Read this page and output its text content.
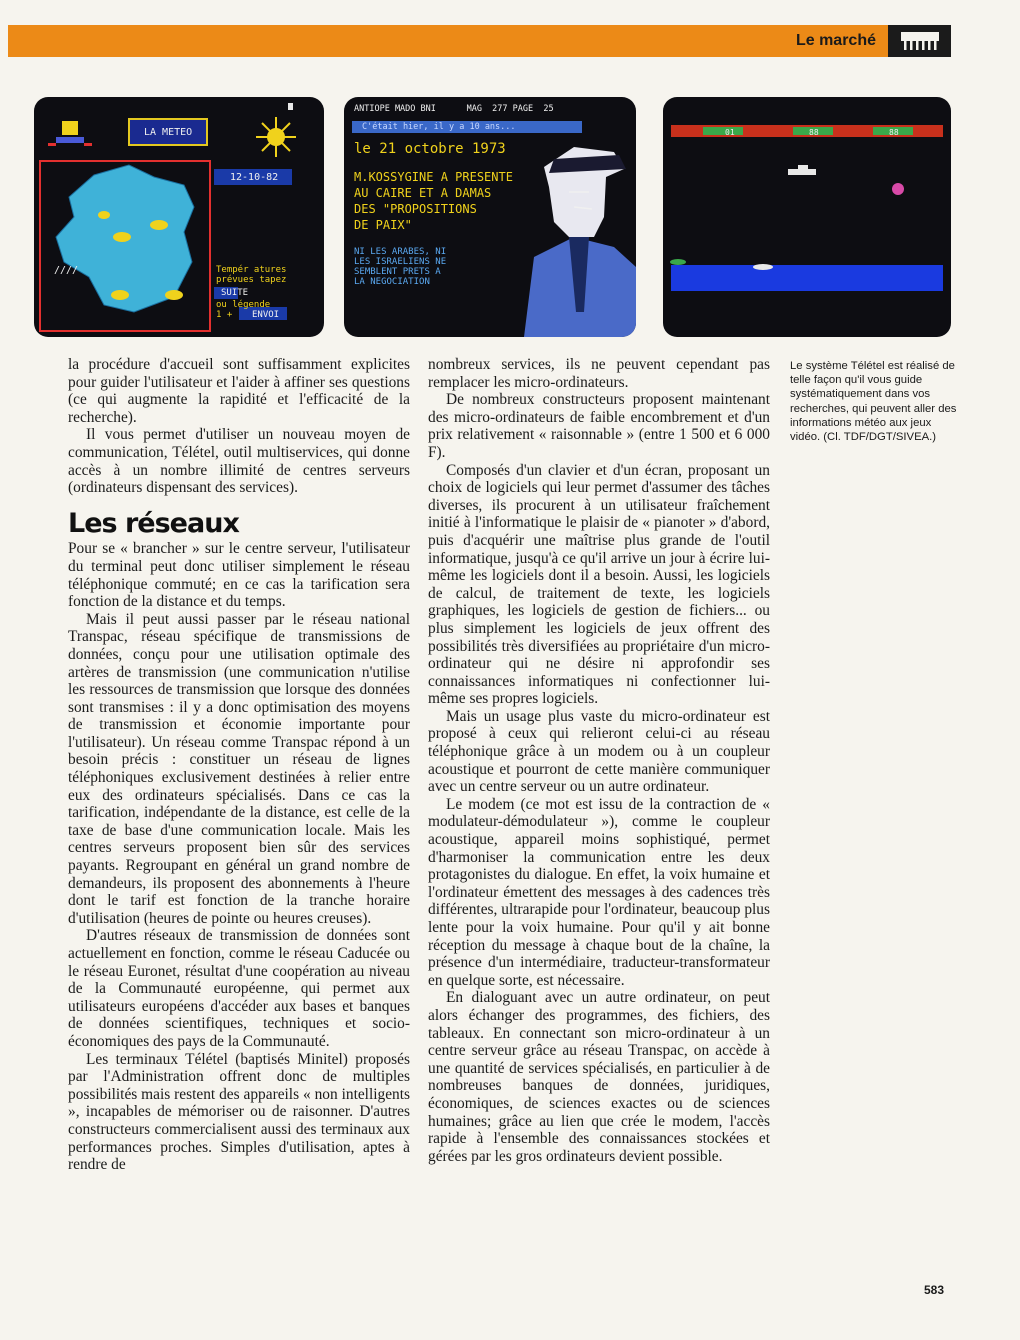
Le marché
LA METEO
12-10-82
Tempér atures
prévues tapez
SUITE
ou légende
1 +	ENVOI
////
ANTIOPE MADO BNI      MAG  277 PAGE  25
C'était hier, il y a 10 ans...
le 21 octobre 1973
M.KOSSYGINE A PRESENTE
AU CAIRE ET A DAMAS
DES "PROPOSITIONS
DE PAIX"
NI LES ARABES, NI
LES ISRAELIENS NE
SEMBLENT PRETS A
LA NEGOCIATION
01	88	88

la procédure d'accueil sont suffisamment explicites pour guider l'utilisateur et l'aider à affiner ses questions (ce qui augmente la rapidité et l'efficacité de la recherche).

Il vous permet d'utiliser un nouveau moyen de communication, Télétel, outil multiservices, qui donne accès à un nombre illimité de centres serveurs (ordinateurs dispensant des services).

Les réseaux

Pour se « brancher » sur le centre serveur, l'utilisateur du terminal peut donc utiliser simplement le réseau téléphonique commuté; en ce cas la tarification sera fonction de la distance et du temps.

Mais il peut aussi passer par le réseau national Transpac, réseau spécifique de transmissions de données, conçu pour une utilisation optimale des artères de transmission (une communication n'utilise les ressources de transmission que lorsque des données sont transmises : il y a donc optimisation des moyens de transmission et économie importante pour l'utilisateur). Un réseau comme Transpac répond à un besoin précis : constituer un réseau de lignes téléphoniques exclusivement destinées à relier entre eux des ordinateurs spécialisés. Dans ce cas la tarification, indépendante de la distance, est celle de la taxe de base d'une communication locale. Mais les centres serveurs proposent bien sûr des services payants. Regroupant en général un grand nombre de demandeurs, ils proposent des abonnements à l'heure dont le tarif est fonction de la tranche horaire d'utilisation (heures de pointe ou heures creuses).

D'autres réseaux de transmission de données sont actuellement en fonction, comme le réseau Caducée ou le réseau Euronet, résultat d'une coopération au niveau de la Communauté européenne, qui permet aux utilisateurs européens d'accéder aux bases et banques de données scientifiques, techniques et socio-économiques des pays de la Communauté.

Les terminaux Télétel (baptisés Minitel) proposés par l'Administration offrent donc de multiples possibilités mais restent des appareils « non intelligents », incapables de mémoriser ou de raisonner. D'autres constructeurs commercialisent aussi des terminaux aux performances proches. Simples d'utilisation, aptes à rendre de

nombreux services, ils ne peuvent cependant pas remplacer les micro-ordinateurs.

De nombreux constructeurs proposent maintenant des micro-ordinateurs de faible encombrement et d'un prix relativement « raisonnable » (entre 1 500 et 6 000 F).

Composés d'un clavier et d'un écran, proposant un choix de logiciels qui leur permet d'assumer des tâches diverses, ils procurent à un utilisateur fraîchement initié à l'informatique le plaisir de « pianoter » d'abord, puis d'acquérir une maîtrise plus grande de l'outil informatique, jusqu'à ce qu'il arrive un jour à écrire lui-même les logiciels dont il a besoin. Aussi, les logiciels de calcul, de traitement de texte, les logiciels graphiques, les logiciels de gestion de fichiers... ou plus simplement les logiciels de jeux offrent des possibilités très diversifiées au propriétaire d'un micro-ordinateur qui ne désire ni approfondir ses connaissances informatiques ni confectionner lui-même ses propres logiciels.

Mais un usage plus vaste du micro-ordinateur est proposé à ceux qui relieront celui-ci au réseau téléphonique grâce à un modem ou à un coupleur acoustique et pourront de cette manière communiquer avec un centre serveur ou un autre ordinateur.

Le modem (ce mot est issu de la contraction de « modulateur-démodulateur »), comme le coupleur acoustique, appareil moins sophistiqué, permet d'harmoniser la communication entre les deux protagonistes du dialogue. En effet, la voix humaine et l'ordinateur émettent des messages à des cadences très différentes, ultrarapide pour l'ordinateur, beaucoup plus lente pour la voix humaine. Pour qu'il y ait bonne réception du message à chaque bout de la chaîne, la présence d'un intermédiaire, traducteur-transformateur en quelque sorte, est nécessaire.

En dialoguant avec un autre ordinateur, on peut alors échanger des programmes, des fichiers, des tableaux. En connectant son micro-ordinateur à un centre serveur grâce au réseau Transpac, on accède à une quantité de services spécialisés, en particulier à de nombreuses banques de données, juridiques, économiques, de sciences exactes ou de sciences humaines; grâce au lien que crée le modem, l'accès rapide à l'ensemble des connaissances stockées et gérées par les gros ordinateurs devient possible.

Le système Télétel est réalisé de telle façon qu'il vous guide systématiquement dans vos recherches, qui peuvent aller des informations météo aux jeux vidéo. (Cl. TDF/DGT/SIVEA.)
583
